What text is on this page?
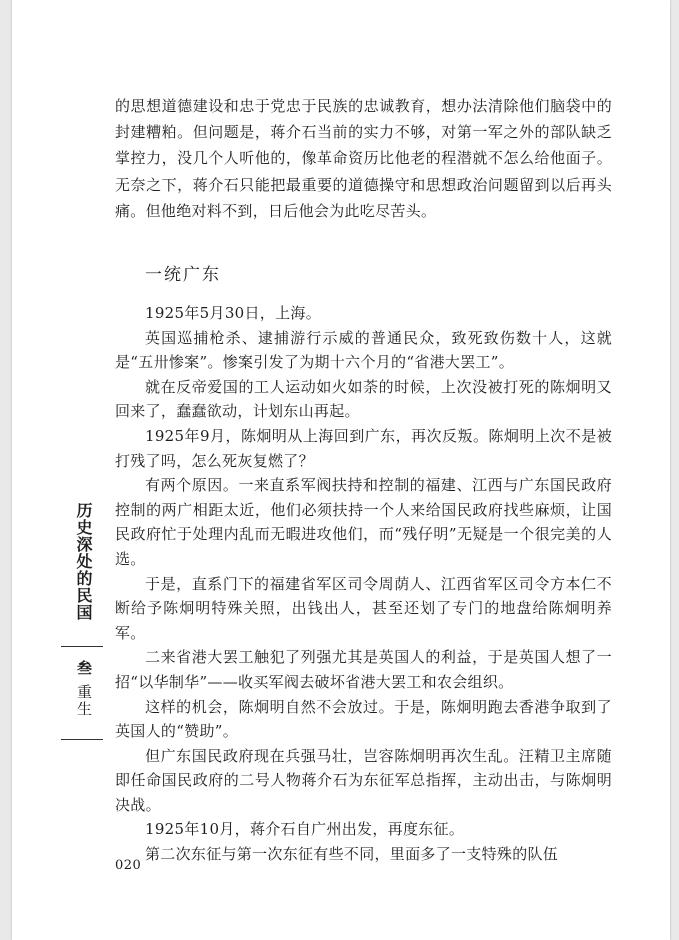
的思想道德建设和忠于党忠于民族的忠诚教育，想办法清除他们脑袋中的封建糟粕。但问题是，蒋介石当前的实力不够，对第一军之外的部队缺乏掌控力，没几个人听他的，像革命资历比他老的程潜就不怎么给他面子。无奈之下，蒋介石只能把最重要的道德操守和思想政治问题留到以后再头痛。但他绝对料不到，日后他会为此吃尽苦头。

一统广东

1925年5月30日，上海。

英国巡捕枪杀、逮捕游行示威的普通民众，致死致伤数十人，这就是“五卅惨案”。惨案引发了为期十六个月的“省港大罢工”。

就在反帝爱国的工人运动如火如荼的时候，上次没被打死的陈炯明又回来了，蠢蠢欲动，计划东山再起。

1925年9月，陈炯明从上海回到广东，再次反叛。陈炯明上次不是被打残了吗，怎么死灰复燃了？

有两个原因。一来直系军阀扶持和控制的福建、江西与广东国民政府控制的两广相距太近，他们必须扶持一个人来给国民政府找些麻烦，让国民政府忙于处理内乱而无暇进攻他们，而“残仔明”无疑是一个很完美的人选。

于是，直系门下的福建省军区司令周荫人、江西省军区司令方本仁不断给予陈炯明特殊关照，出钱出人，甚至还划了专门的地盘给陈炯明养军。

二来省港大罢工触犯了列强尤其是英国人的利益，于是英国人想了一招“以华制华”——收买军阀去破坏省港大罢工和农会组织。

这样的机会，陈炯明自然不会放过。于是，陈炯明跑去香港争取到了英国人的“赞助”。

但广东国民政府现在兵强马壮，岂容陈炯明再次生乱。汪精卫主席随即任命国民政府的二号人物蒋介石为东征军总指挥，主动出击，与陈炯明决战。

1925年10月，蒋介石自广州出发，再度东征。

第二次东征与第一次东征有些不同，里面多了一支特殊的队伍

历史深处的民国
叁 重生
020
